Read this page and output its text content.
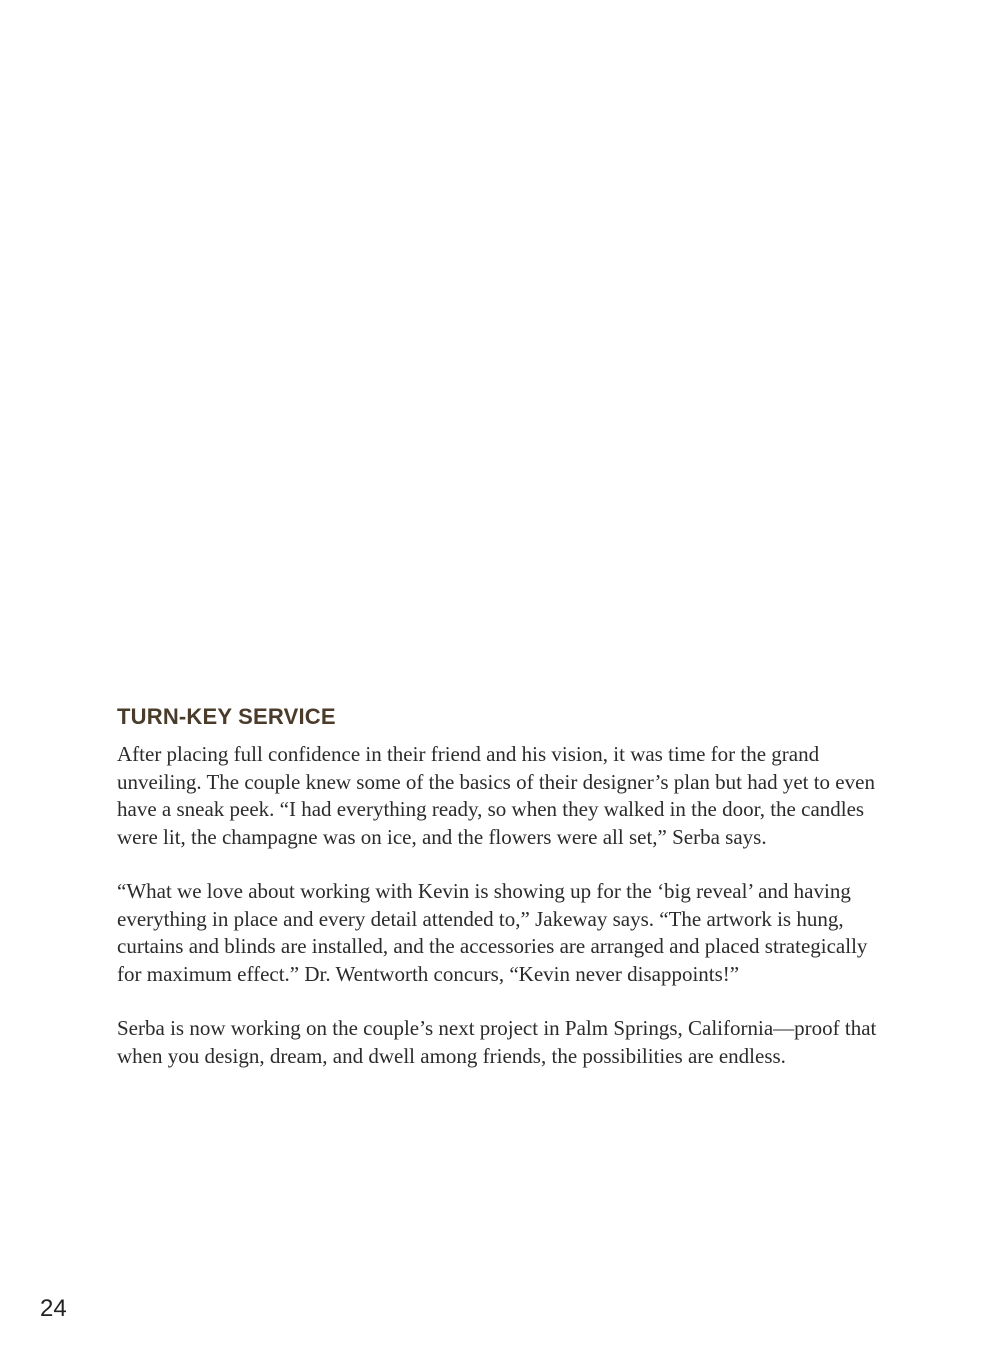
TURN-KEY SERVICE

After placing full confidence in their friend and his vision, it was time for the grand unveiling. The couple knew some of the basics of their designer’s plan but had yet to even have a sneak peek. “I had everything ready, so when they walked in the door, the candles were lit, the champagne was on ice, and the flowers were all set,” Serba says.

“What we love about working with Kevin is showing up for the ‘big reveal’ and having everything in place and every detail attended to,” Jakeway says. “The artwork is hung, curtains and blinds are installed, and the accessories are arranged and placed strategically for maximum effect.” Dr. Wentworth concurs, “Kevin never disappoints!”

Serba is now working on the couple’s next project in Palm Springs, California—proof that when you design, dream, and dwell among friends, the possibilities are endless.

24
